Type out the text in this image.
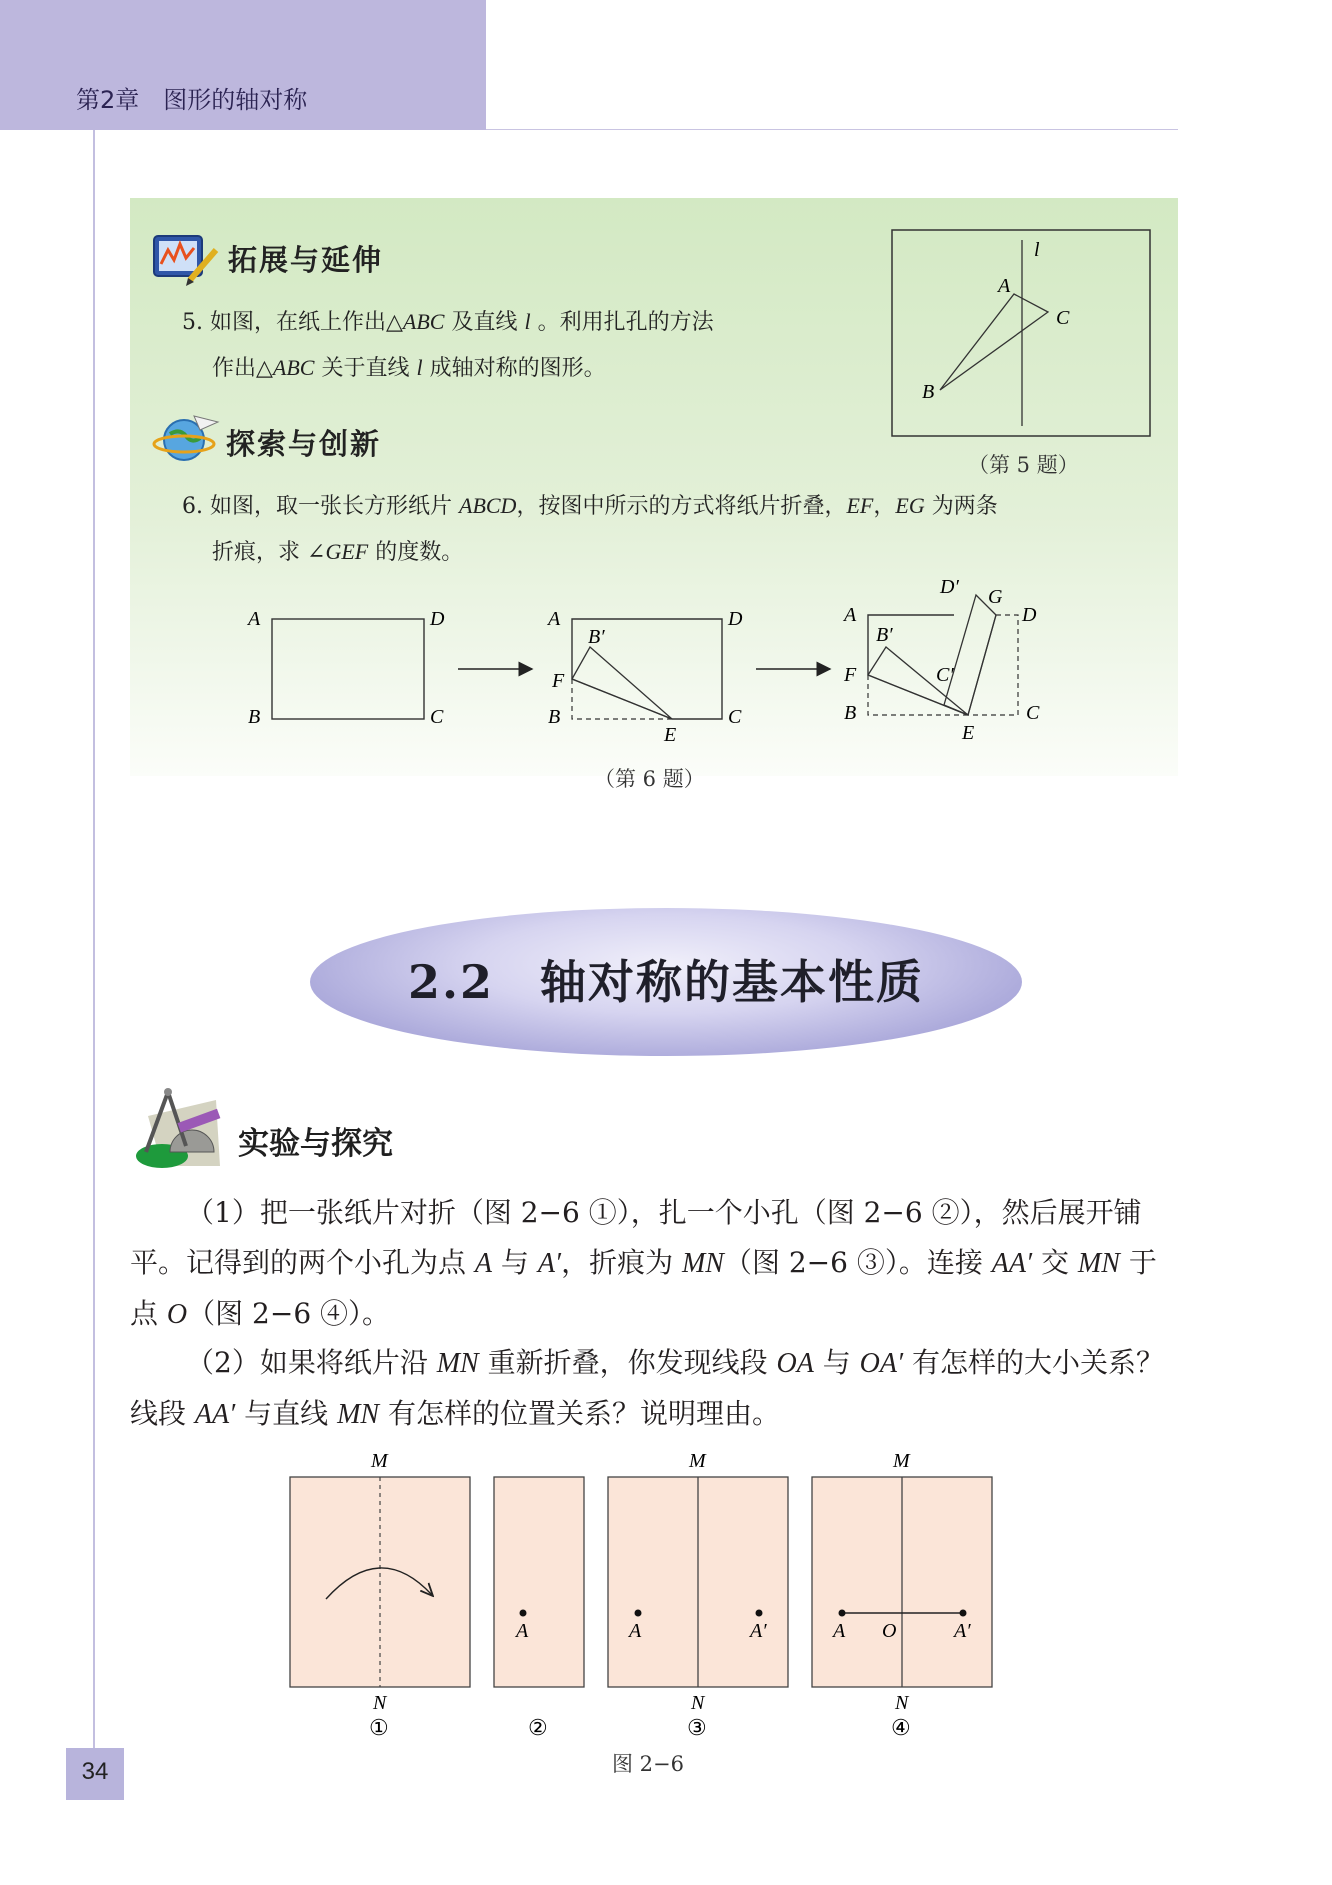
第2章　图形的轴对称
拓展与延伸
5. 如图，在纸上作出△ABC 及直线 l 。利用扎孔的方法
作出△ABC 关于直线 l 成轴对称的图形。
l
A
C
B
（第 5 题）
探索与创新
6. 如图，取一张长方形纸片 ABCD，按图中所示的方式将纸片折叠，EF，EG 为两条
折痕，求 ∠GEF 的度数。
A	D
B	C
A	D
B′
F
B	C
E
A
D′ G
D
B′
C′
F
B	C
E
（第 6 题）
2.2 轴对称的基本性质
实验与探究

（1）把一张纸片对折（图 2−6 ①），扎一个小孔（图 2−6 ②），然后展开铺平。记得到的两个小孔为点 A 与 A′，折痕为 MN（图 2−6 ③）。连接 AA′ 交 MN 于点 O（图 2−6 ④）。

（2）如果将纸片沿 MN 重新折叠，你发现线段 OA 与 OA′ 有怎样的大小关系？线段 AA′ 与直线 MN 有怎样的位置关系？说明理由。

M
N
①
A
②
A	A′
M
N
③
A O	A′
M
N
④
图 2−6
34
